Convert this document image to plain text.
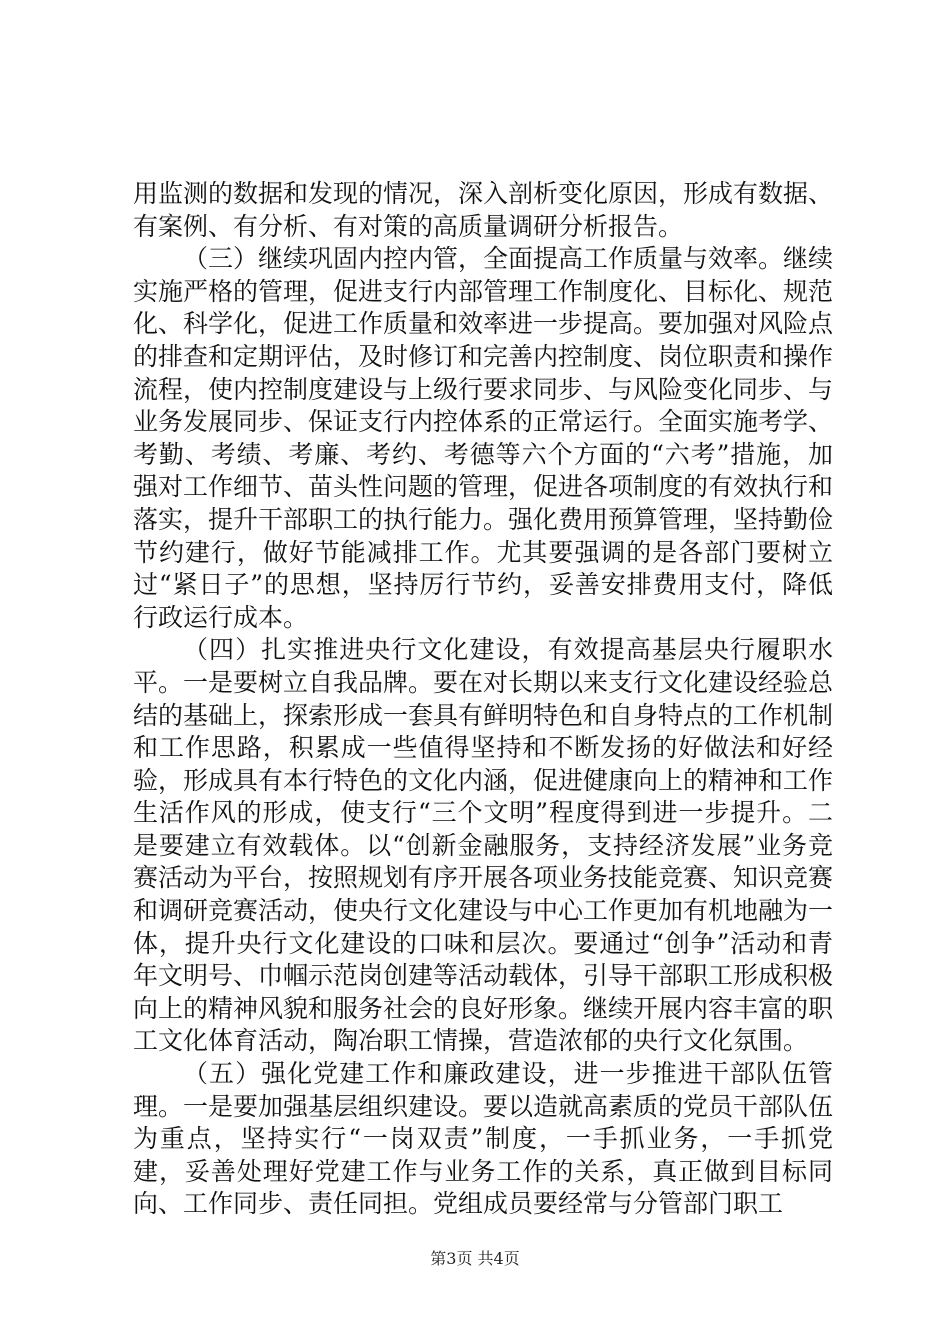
用监测的数据和发现的情况，深入剖析变化原因，形成有数据、有案例、有分析、有对策的高质量调研分析报告。

（三）继续巩固内控内管，全面提高工作质量与效率。继续实施严格的管理，促进支行内部管理工作制度化、目标化、规范化、科学化，促进工作质量和效率进一步提高。要加强对风险点的排查和定期评估，及时修订和完善内控制度、岗位职责和操作流程，使内控制度建设与上级行要求同步、与风险变化同步、与业务发展同步、保证支行内控体系的正常运行。全面实施考学、考勤、考绩、考廉、考约、考德等六个方面的“六考”措施，加强对工作细节、苗头性问题的管理，促进各项制度的有效执行和落实，提升干部职工的执行能力。强化费用预算管理，坚持勤俭节约建行，做好节能减排工作。尤其要强调的是各部门要树立过“紧日子”的思想，坚持厉行节约，妥善安排费用支付，降低行政运行成本。

（四）扎实推进央行文化建设，有效提高基层央行履职水平。一是要树立自我品牌。要在对长期以来支行文化建设经验总结的基础上，探索形成一套具有鲜明特色和自身特点的工作机制和工作思路，积累成一些值得坚持和不断发扬的好做法和好经验，形成具有本行特色的文化内涵，促进健康向上的精神和工作生活作风的形成，使支行“三个文明”程度得到进一步提升。二是要建立有效载体。以“创新金融服务，支持经济发展”业务竞赛活动为平台，按照规划有序开展各项业务技能竞赛、知识竞赛和调研竞赛活动，使央行文化建设与中心工作更加有机地融为一体，提升央行文化建设的口味和层次。要通过“创争”活动和青年文明号、巾帼示范岗创建等活动载体，引导干部职工形成积极向上的精神风貌和服务社会的良好形象。继续开展内容丰富的职工文化体育活动，陶冶职工情操，营造浓郁的央行文化氛围。

（五）强化党建工作和廉政建设，进一步推进干部队伍管理。一是要加强基层组织建设。要以造就高素质的党员干部队伍为重点，坚持实行“一岗双责”制度，一手抓业务，一手抓党建，妥善处理好党建工作与业务工作的关系，真正做到目标同向、工作同步、责任同担。党组成员要经常与分管部门职工

第3页 共4页
